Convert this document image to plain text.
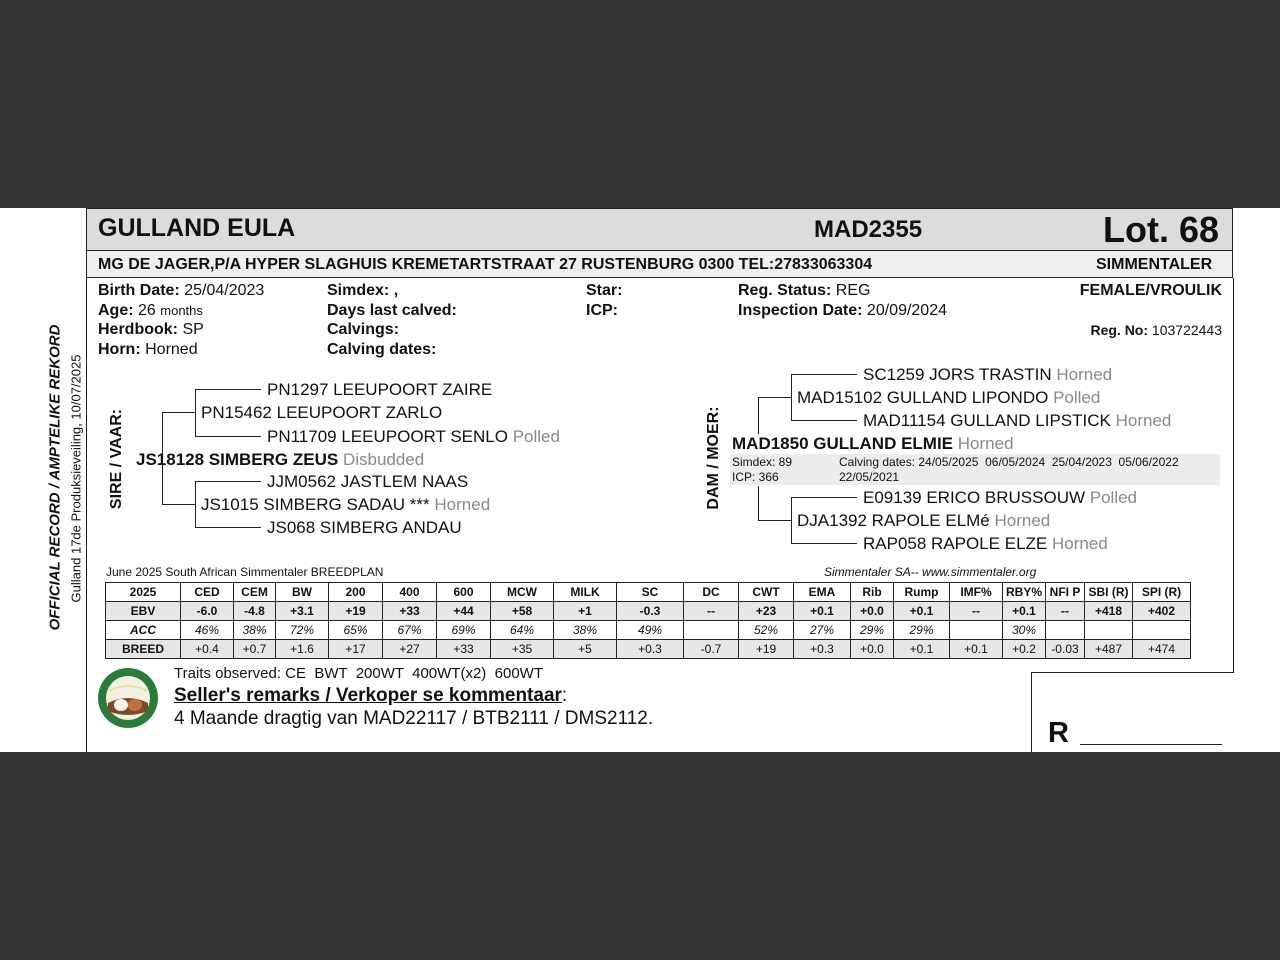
GULLAND EULA	MAD2355	Lot. 68
MG DE JAGER,P/A HYPER SLAGHUIS KREMETARTSTRAAT 27 RUSTENBURG 0300 TEL:27833063304	SIMMENTALER
Birth Date: 25/04/2023
Age: 26 months
Herdbook: SP
Horn: Horned
Simdex: ,
Days last calved:
Calvings:
Calving dates:
Star:
ICP:
Reg. Status: REG
Inspection Date: 20/09/2024
FEMALE/VROULIK
Reg. No: 103722443
OFFICIAL RECORD / AMPTELIKE REKORD Gulland 17de Produksieveiling, 10/07/2025 SIRE / VAAR:
PN1297 LEEUPOORT ZAIRE
PN15462 LEEUPOORT ZARLO
PN11709 LEEUPOORT SENLO Polled
JS18128 SIMBERG ZEUS Disbudded
JJM0562 JASTLEM NAAS
JS1015 SIMBERG SADAU *** Horned
JS068 SIMBERG ANDAU
DAM / MOER:
SC1259 JORS TRASTIN Horned
MAD15102 GULLAND LIPONDO Polled
MAD11154 GULLAND LIPSTICK Horned
MAD1850 GULLAND ELMIE Horned
Simdex: 89
ICP: 366
Calving dates: 24/05/2025  06/05/2024  25/04/2023  05/06/2022
22/05/2021
E09139 ERICO BRUSSOUW Polled
DJA1392 RAPOLE ELMé Horned
RAP058 RAPOLE ELZE Horned
June 2025 South African Simmentaler BREEDPLAN	Simmentaler SA-- www.simmentaler.org
2025	CED	CEM	BW	200	400	600	MCW	MILK	SC	DC	CWT	EMA	Rib	Rump	IMF%	RBY%	NFI P	SBI (R)	SPI (R)
EBV	-6.0	-4.8	+3.1	+19	+33	+44	+58	+1	-0.3	--	+23	+0.1	+0.0	+0.1	--	+0.1	--	+418	+402
ACC	46%	38%	72%	65%	67%	69%	64%	38%	49%		52%	27%	29%	29%		30%			
BREED	+0.4	+0.7	+1.6	+17	+27	+33	+35	+5	+0.3	-0.7	+19	+0.3	+0.0	+0.1	+0.1	+0.2	-0.03	+487	+474
Traits observed: CE  BWT  200WT  400WT(x2)  600WT
Seller's remarks / Verkoper se kommentaar:
4 Maande dragtig van MAD22117 / BTB2111 / DMS2112.	R
